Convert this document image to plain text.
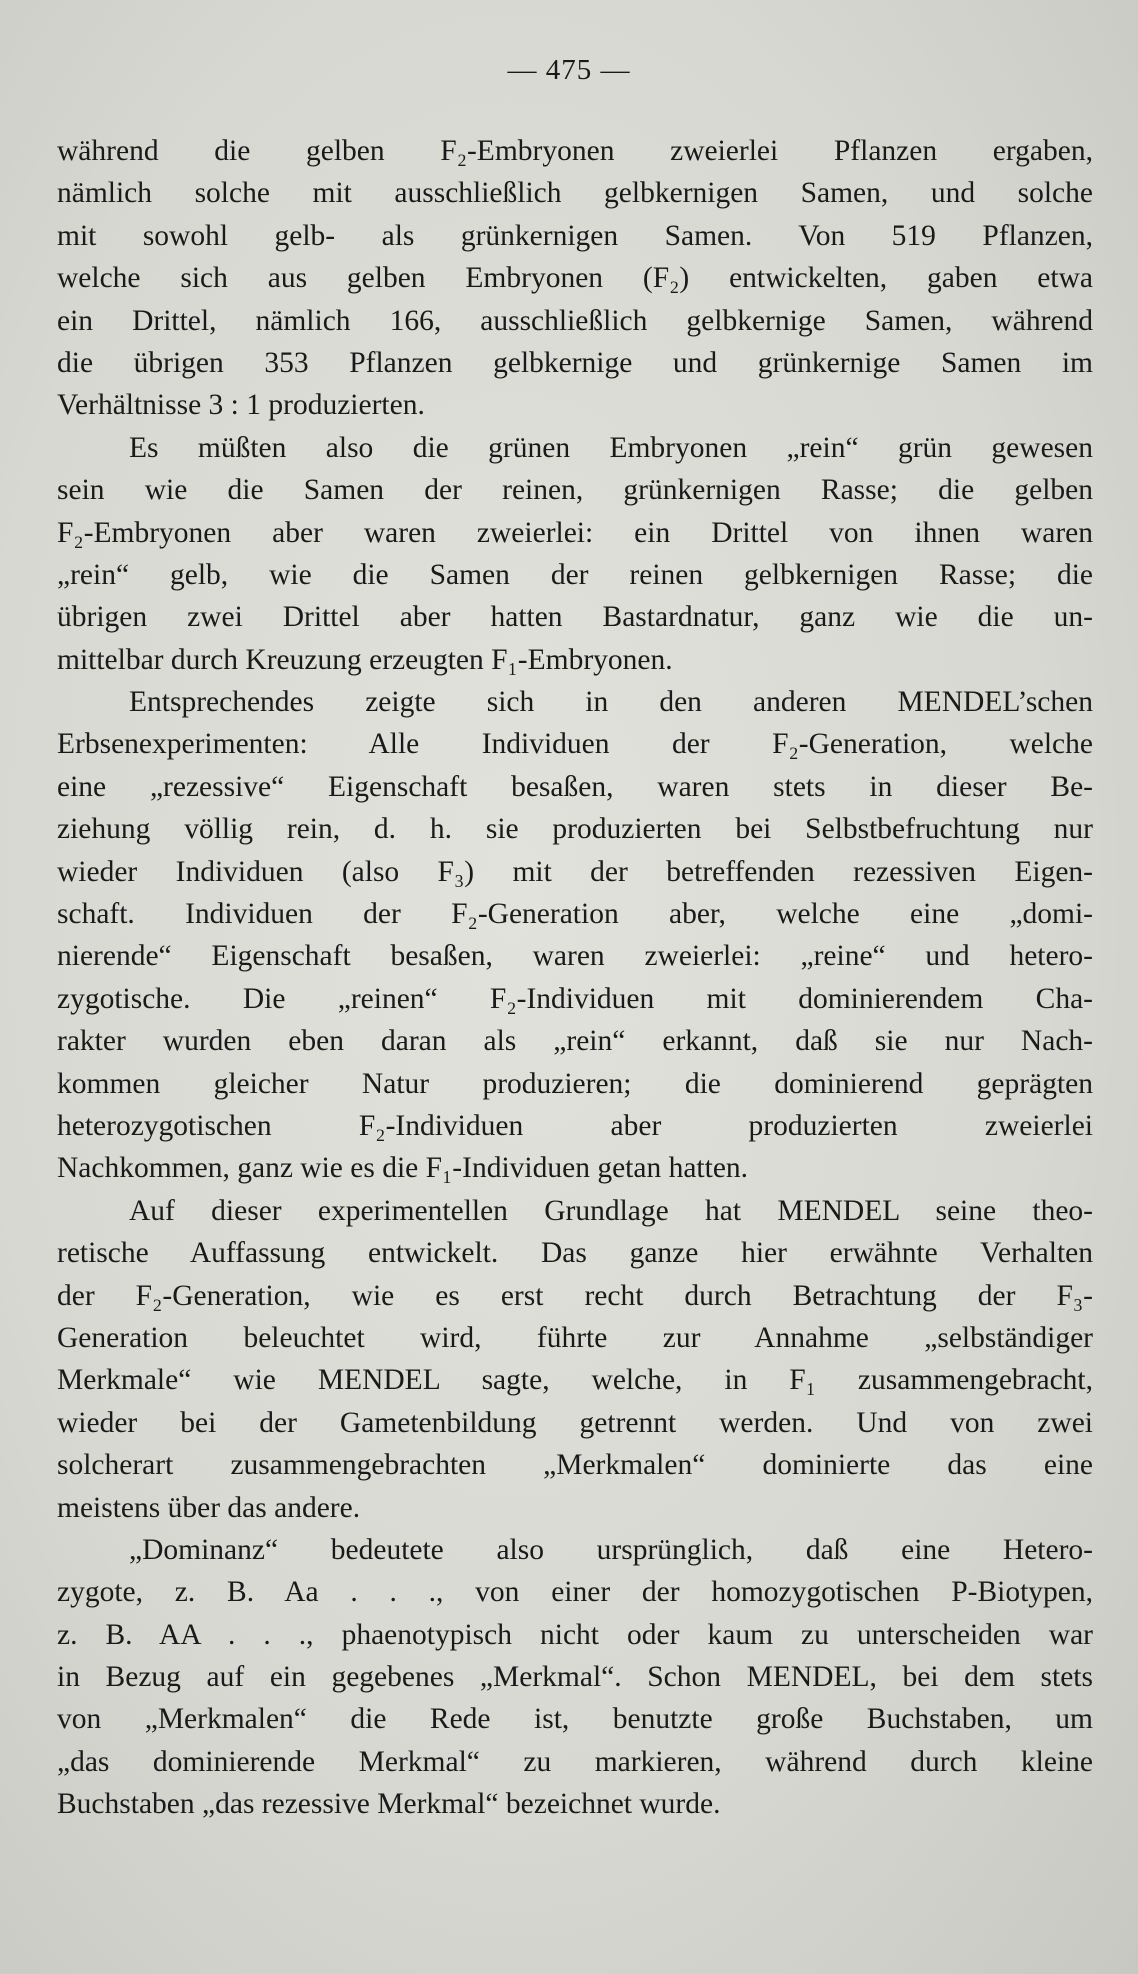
— 475 —
während die gelben F₂-Embryonen zweierlei Pflanzen ergaben,
nämlich solche mit ausschließlich gelbkernigen Samen, und solche
mit sowohl gelb- als grünkernigen Samen. Von 519 Pflanzen,
welche sich aus gelben Embryonen (F₂) entwickelten, gaben etwa
ein Drittel, nämlich 166, ausschließlich gelbkernige Samen, während
die übrigen 353 Pflanzen gelbkernige und grünkernige Samen im
Verhältnisse 3 : 1 produzierten.
Es müßten also die grünen Embryonen „rein“ grün gewesen
sein wie die Samen der reinen, grünkernigen Rasse; die gelben
F₂-Embryonen aber waren zweierlei: ein Drittel von ihnen waren
„rein“ gelb, wie die Samen der reinen gelbkernigen Rasse; die
übrigen zwei Drittel aber hatten Bastardnatur, ganz wie die un-
mittelbar durch Kreuzung erzeugten F₁-Embryonen.
Entsprechendes zeigte sich in den anderen MENDEL’schen
Erbsenexperimenten: Alle Individuen der F₂-Generation, welche
eine „rezessive“ Eigenschaft besaßen, waren stets in dieser Be-
ziehung völlig rein, d. h. sie produzierten bei Selbstbefruchtung nur
wieder Individuen (also F₃) mit der betreffenden rezessiven Eigen-
schaft. Individuen der F₂-Generation aber, welche eine „domi-
nierende“ Eigenschaft besaßen, waren zweierlei: „reine“ und hetero-
zygotische. Die „reinen“ F₂-Individuen mit dominierendem Cha-
rakter wurden eben daran als „rein“ erkannt, daß sie nur Nach-
kommen gleicher Natur produzieren; die dominierend geprägten
heterozygotischen F₂-Individuen aber produzierten zweierlei
Nachkommen, ganz wie es die F₁-Individuen getan hatten.
Auf dieser experimentellen Grundlage hat MENDEL seine theo-
retische Auffassung entwickelt. Das ganze hier erwähnte Verhalten
der F₂-Generation, wie es erst recht durch Betrachtung der F₃-
Generation beleuchtet wird, führte zur Annahme „selbständiger
Merkmale“ wie MENDEL sagte, welche, in F₁ zusammengebracht,
wieder bei der Gametenbildung getrennt werden. Und von zwei
solcherart zusammengebrachten „Merkmalen“ dominierte das eine
meistens über das andere.
„Dominanz“ bedeutete also ursprünglich, daß eine Hetero-
zygote, z. B. Aa . . ., von einer der homozygotischen P-Biotypen,
z. B. AA . . ., phaenotypisch nicht oder kaum zu unterscheiden war
in Bezug auf ein gegebenes „Merkmal“. Schon MENDEL, bei dem stets
von „Merkmalen“ die Rede ist, benutzte große Buchstaben, um
„das dominierende Merkmal“ zu markieren, während durch kleine
Buchstaben „das rezessive Merkmal“ bezeichnet wurde.
